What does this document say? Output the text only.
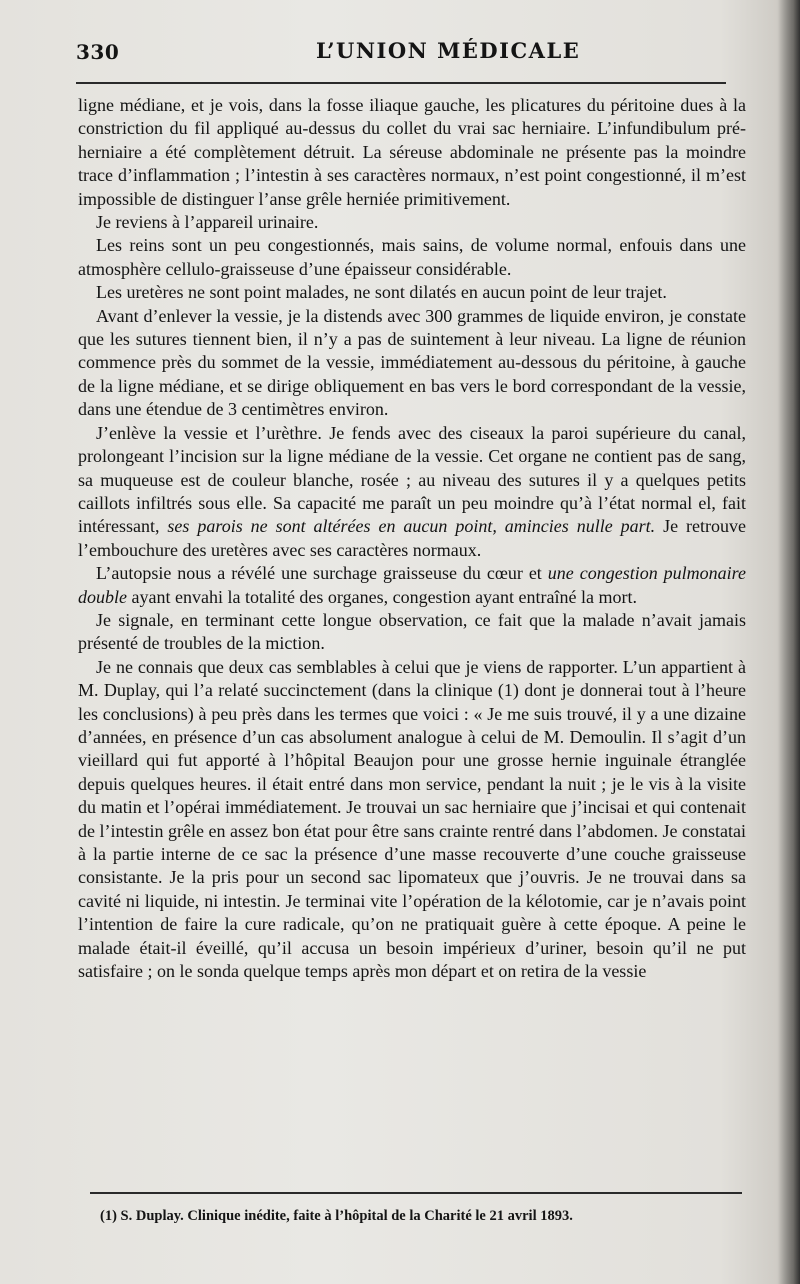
330	L’UNION MÉDICALE

ligne médiane, et je vois, dans la fosse iliaque gauche, les plicatures du péritoine dues à la constriction du fil appliqué au-dessus du collet du vrai sac herniaire. L’infundibulum pré-herniaire a été complètement détruit. La séreuse abdominale ne présente pas la moindre trace d’inflammation ; l’intestin à ses caractères normaux, n’est point congestionné, il m’est impossible de distinguer l’anse grêle herniée primitivement.

Je reviens à l’appareil urinaire.

Les reins sont un peu congestionnés, mais sains, de volume normal, enfouis dans une atmosphère cellulo-graisseuse d’une épaisseur considérable.

Les uretères ne sont point malades, ne sont dilatés en aucun point de leur trajet.

Avant d’enlever la vessie, je la distends avec 300 grammes de liquide environ, je constate que les sutures tiennent bien, il n’y a pas de suintement à leur niveau. La ligne de réunion commence près du sommet de la vessie, immédiatement au-dessous du péritoine, à gauche de la ligne médiane, et se dirige obliquement en bas vers le bord correspondant de la vessie, dans une étendue de 3 centimètres environ.

J’enlève la vessie et l’urèthre. Je fends avec des ciseaux la paroi supérieure du canal, prolongeant l’incision sur la ligne médiane de la vessie. Cet organe ne contient pas de sang, sa muqueuse est de couleur blanche, rosée ; au niveau des sutures il y a quelques petits caillots infiltrés sous elle. Sa capacité me paraît un peu moindre qu’à l’état normal el, fait intéressant, ses parois ne sont altérées en aucun point, amincies nulle part. Je retrouve l’embouchure des uretères avec ses caractères normaux.

L’autopsie nous a révélé une surchage graisseuse du cœur et une congestion pulmonaire double ayant envahi la totalité des organes, congestion ayant entraîné la mort.

Je signale, en terminant cette longue observation, ce fait que la malade n’avait jamais présenté de troubles de la miction.

Je ne connais que deux cas semblables à celui que je viens de rapporter. L’un appartient à M. Duplay, qui l’a relaté succinctement (dans la clinique (1) dont je donnerai tout à l’heure les conclusions) à peu près dans les termes que voici : « Je me suis trouvé, il y a une dizaine d’années, en présence d’un cas absolument analogue à celui de M. Demoulin. Il s’agit d’un vieillard qui fut apporté à l’hôpital Beaujon pour une grosse hernie inguinale étranglée depuis quelques heures. il était entré dans mon service, pendant la nuit ; je le vis à la visite du matin et l’opérai immédiatement. Je trouvai un sac herniaire que j’incisai et qui contenait de l’intestin grêle en assez bon état pour être sans crainte rentré dans l’abdomen. Je constatai à la partie interne de ce sac la présence d’une masse recouverte d’une couche graisseuse consistante. Je la pris pour un second sac lipomateux que j’ouvris. Je ne trouvai dans sa cavité ni liquide, ni intestin. Je terminai vite l’opération de la kélotomie, car je n’avais point l’intention de faire la cure radicale, qu’on ne pratiquait guère à cette époque. A peine le malade était-il éveillé, qu’il accusa un besoin impérieux d’uriner, besoin qu’il ne put satisfaire ; on le sonda quelque temps après mon départ et on retira de la vessie

(1) S. Duplay. Clinique inédite, faite à l’hôpital de la Charité le 21 avril 1893.
